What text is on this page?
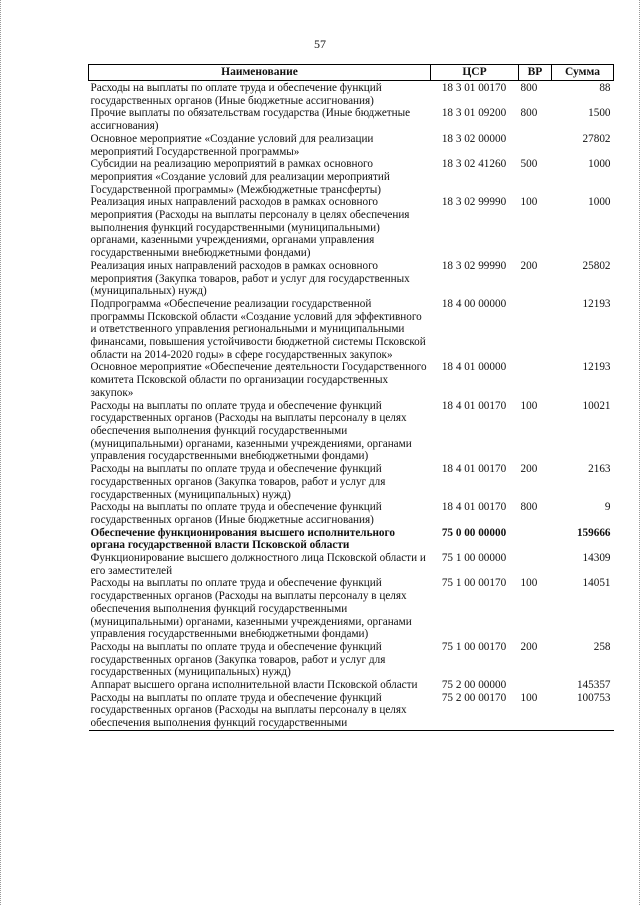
57
Наименование	ЦСР	ВР	Сумма
Расходы на выплаты по оплате труда и обеспечение функций государственных органов (Иные бюджетные ассигнования)	18 3 01 00170	800	88
Прочие выплаты по обязательствам государства (Иные бюджетные ассигнования)	18 3 01 09200	800	1500
Основное мероприятие «Создание условий для реализации мероприятий Государственной программы»	18 3 02 00000		27802
Субсидии на реализацию мероприятий в рамках основного мероприятия «Создание условий для реализации мероприятий Государственной программы» (Межбюджетные трансферты)	18 3 02 41260	500	1000
Реализация иных направлений расходов в рамках основного мероприятия (Расходы на выплаты персоналу в целях обеспечения выполнения функций государственными (муниципальными) органами, казенными учреждениями, органами управления государственными внебюджетными фондами)	18 3 02 99990	100	1000
Реализация иных направлений расходов в рамках основного мероприятия (Закупка товаров, работ и услуг для государственных (муниципальных) нужд)	18 3 02 99990	200	25802
Подпрограмма «Обеспечение реализации государственной программы Псковской области «Создание условий для эффективного и ответственного управления региональными и муниципальными финансами, повышения устойчивости бюджетной системы Псковской области на 2014-2020 годы» в сфере государственных закупок»	18 4 00 00000		12193
Основное мероприятие «Обеспечение деятельности Государственного комитета Псковской области по организации государственных закупок»	18 4 01 00000		12193
Расходы на выплаты по оплате труда и обеспечение функций государственных органов (Расходы на выплаты персоналу в целях обеспечения выполнения функций государственными (муниципальными) органами, казенными учреждениями, органами управления государственными внебюджетными фондами)	18 4 01 00170	100	10021
Расходы на выплаты по оплате труда и обеспечение функций государственных органов (Закупка товаров, работ и услуг для государственных (муниципальных) нужд)	18 4 01 00170	200	2163
Расходы на выплаты по оплате труда и обеспечение функций государственных органов (Иные бюджетные ассигнования)	18 4 01 00170	800	9
Обеспечение функционирования высшего исполнительного органа государственной власти Псковской области	75 0 00 00000		159666
Функционирование высшего должностного лица Псковской области и его заместителей	75 1 00 00000		14309
Расходы на выплаты по оплате труда и обеспечение функций государственных органов (Расходы на выплаты персоналу в целях обеспечения выполнения функций государственными (муниципальными) органами, казенными учреждениями, органами управления государственными внебюджетными фондами)	75 1 00 00170	100	14051
Расходы на выплаты по оплате труда и обеспечение функций государственных органов (Закупка товаров, работ и услуг для государственных (муниципальных) нужд)	75 1 00 00170	200	258
Аппарат высшего органа исполнительной власти Псковской области	75 2 00 00000		145357
Расходы на выплаты по оплате труда и обеспечение функций государственных органов (Расходы на выплаты персоналу в целях обеспечения выполнения функций государственными	75 2 00 00170	100	100753
